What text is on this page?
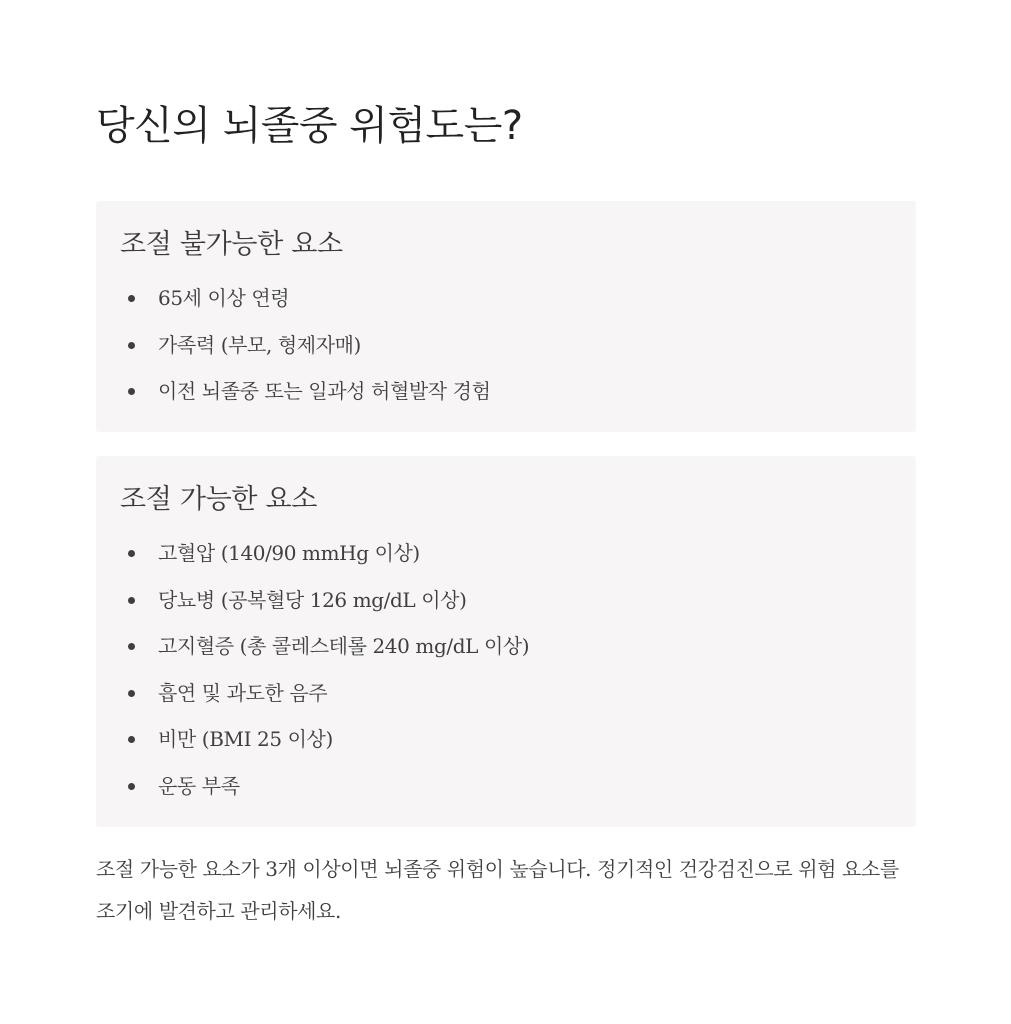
당신의 뇌졸중 위험도는?
조절 불가능한 요소
65세 이상 연령
가족력 (부모, 형제자매)
이전 뇌졸중 또는 일과성 허혈발작 경험
조절 가능한 요소
고혈압 (140/90 mmHg 이상)
당뇨병 (공복혈당 126 mg/dL 이상)
고지혈증 (총 콜레스테롤 240 mg/dL 이상)
흡연 및 과도한 음주
비만 (BMI 25 이상)
운동 부족

조절 가능한 요소가 3개 이상이면 뇌졸중 위험이 높습니다. 정기적인 건강검진으로 위험 요소를 조기에 발견하고 관리하세요.
